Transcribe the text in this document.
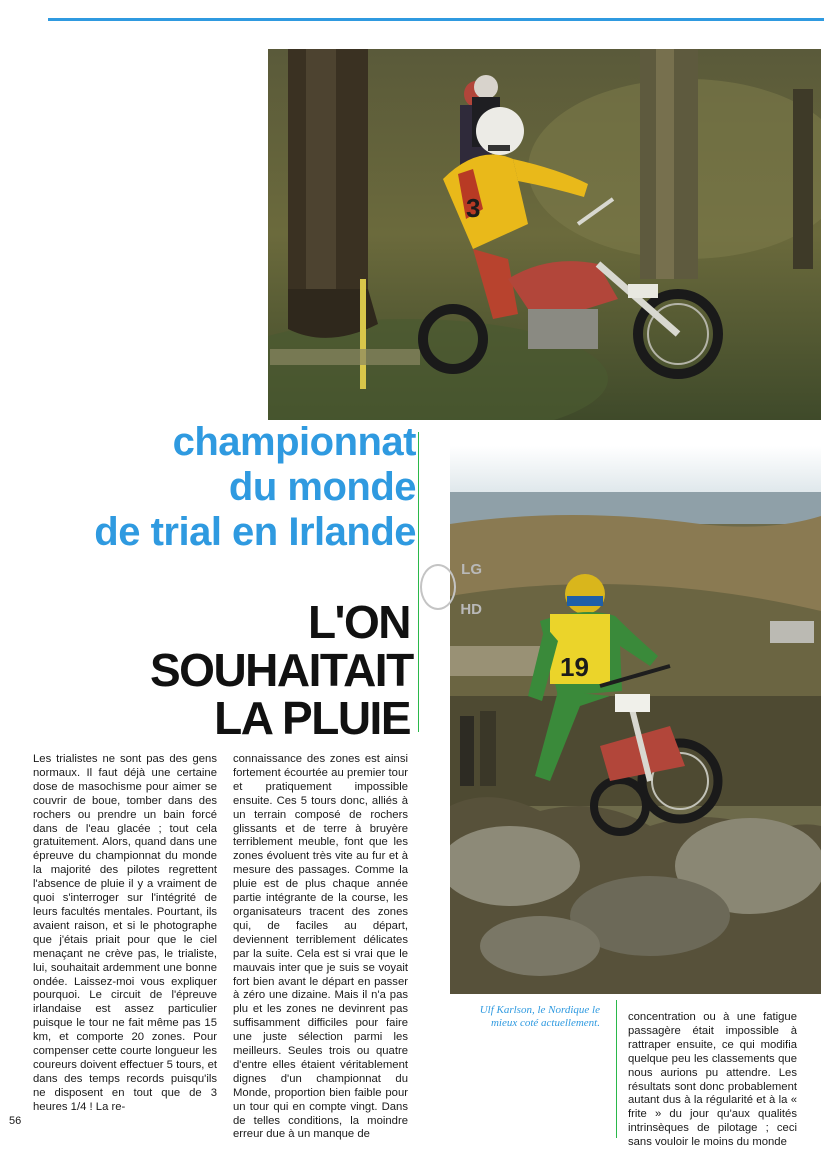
3
19
championnat
du monde
de trial en Irlande
LG
HD
L'ON
SOUHAITAIT
LA PLUIE
Les trialistes ne sont pas des gens normaux. Il faut déjà une certaine dose de masochisme pour aimer se couvrir de boue, tomber dans des rochers ou prendre un bain forcé dans de l'eau glacée ; tout cela gratuitement. Alors, quand dans une épreuve du championnat du monde la majorité des pilotes regrettent l'absence de pluie il y a vraiment de quoi s'interroger sur l'intégrité de leurs facultés mentales. Pourtant, ils avaient raison, et si le photographe que j'étais priait pour que le ciel menaçant ne crève pas, le trialiste, lui, souhaitait ardemment une bonne ondée. Laissez-moi vous expliquer pourquoi. Le circuit de l'épreuve irlandaise est assez particulier puisque le tour ne fait même pas 15 km, et comporte 20 zones. Pour compenser cette courte longueur les coureurs doivent effectuer 5 tours, et dans des temps records puisqu'ils ne disposent en tout que de 3 heures 1/4 ! La re-
connaissance des zones est ainsi fortement écourtée au premier tour et pratiquement impossible ensuite. Ces 5 tours donc, alliés à un terrain composé de rochers glissants et de terre à bruyère terriblement meuble, font que les zones évoluent très vite au fur et à mesure des passages. Comme la pluie est de plus chaque année partie intégrante de la course, les organisateurs tracent des zones qui, de faciles au départ, deviennent terriblement délicates par la suite. Cela est si vrai que le mauvais inter que je suis se voyait fort bien avant le départ en passer à zéro une dizaine. Mais il n'a pas plu et les zones ne devinrent pas suffisamment difficiles pour faire une juste sélection parmi les meilleurs. Seules trois ou quatre d'entre elles étaient véritablement dignes d'un championnat du Monde, proportion bien faible pour un tour qui en compte vingt. Dans de telles conditions, la moindre erreur due à un manque de
concentration ou à une fatigue passagère était impossible à rattraper ensuite, ce qui modifia quelque peu les classements que nous aurions pu attendre. Les résultats sont donc probablement autant dus à la régularité et à la « frite » du jour qu'aux qualités intrinsèques de pilotage ; ceci sans vouloir le moins du monde
Ulf Karlson, le Nordique le mieux coté actuellement.
56
